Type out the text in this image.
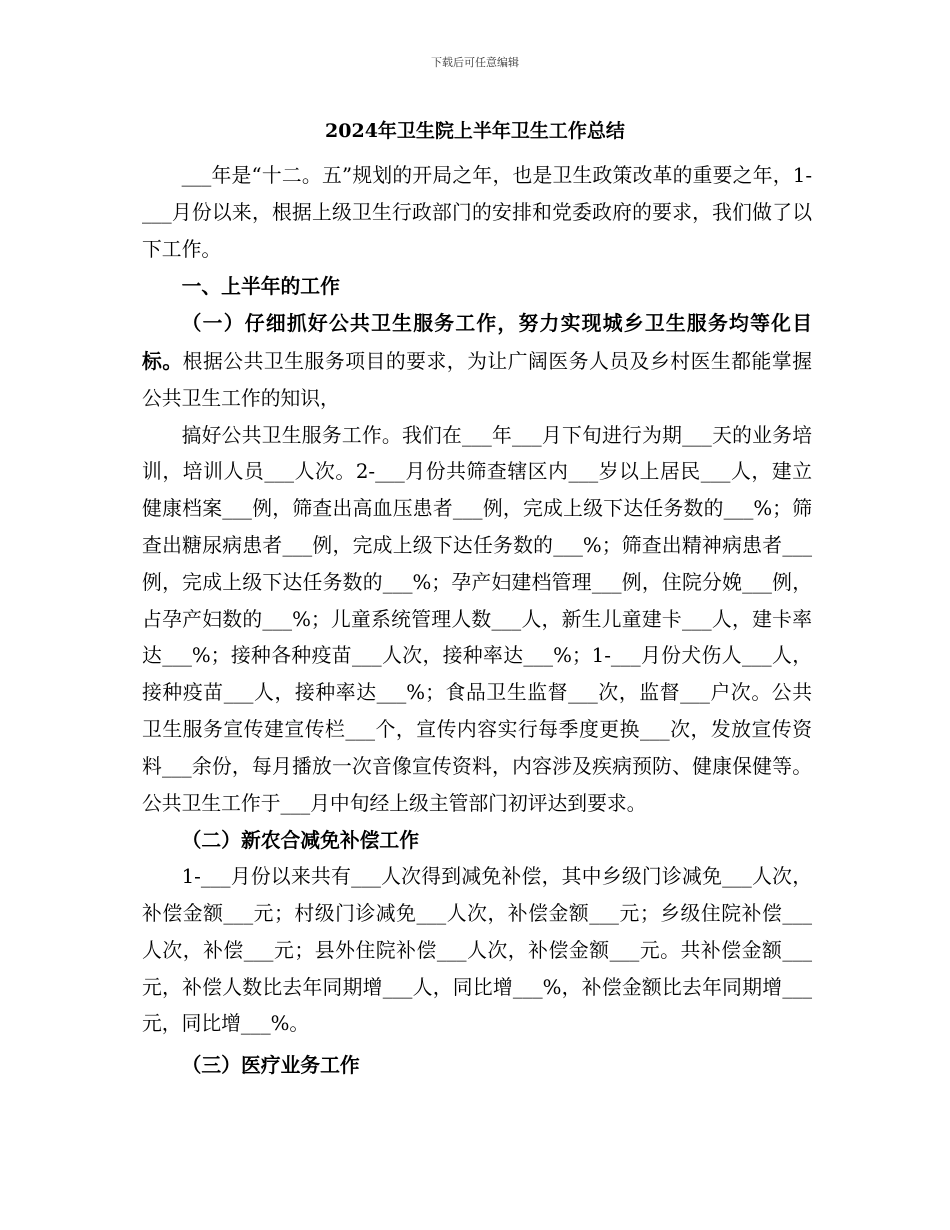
下载后可任意编辑
2024年卫生院上半年卫生工作总结

___年是“十二。五”规划的开局之年，也是卫生政策改革的重要之年，1-___月份以来，根据上级卫生行政部门的安排和党委政府的要求，我们做了以下工作。

一、上半年的工作

（一）仔细抓好公共卫生服务工作，努力实现城乡卫生服务均等化目标。根据公共卫生服务项目的要求，为让广阔医务人员及乡村医生都能掌握公共卫生工作的知识，

搞好公共卫生服务工作。我们在___年___月下旬进行为期___天的业务培训，培训人员___人次。2-___月份共筛查辖区内___岁以上居民___人，建立健康档案___例，筛查出高血压患者___例，完成上级下达任务数的___%；筛查出糖尿病患者___例，完成上级下达任务数的___%；筛查出精神病患者___例，完成上级下达任务数的___%；孕产妇建档管理___例，住院分娩___例，占孕产妇数的___%；儿童系统管理人数___人，新生儿童建卡___人，建卡率达___%；接种各种疫苗___人次，接种率达___%；1-___月份犬伤人___人，接种疫苗___人，接种率达___%；食品卫生监督___次，监督___户次。公共卫生服务宣传建宣传栏___个，宣传内容实行每季度更换___次，发放宣传资料___余份，每月播放一次音像宣传资料，内容涉及疾病预防、健康保健等。公共卫生工作于___月中旬经上级主管部门初评达到要求。

（二）新农合减免补偿工作

1-___月份以来共有___人次得到减免补偿，其中乡级门诊减免___人次，补偿金额___元；村级门诊减免___人次，补偿金额___元；乡级住院补偿___人次，补偿___元；县外住院补偿___人次，补偿金额___元。共补偿金额___元，补偿人数比去年同期增___人，同比增___%，补偿金额比去年同期增___元，同比增___%。

（三）医疗业务工作
